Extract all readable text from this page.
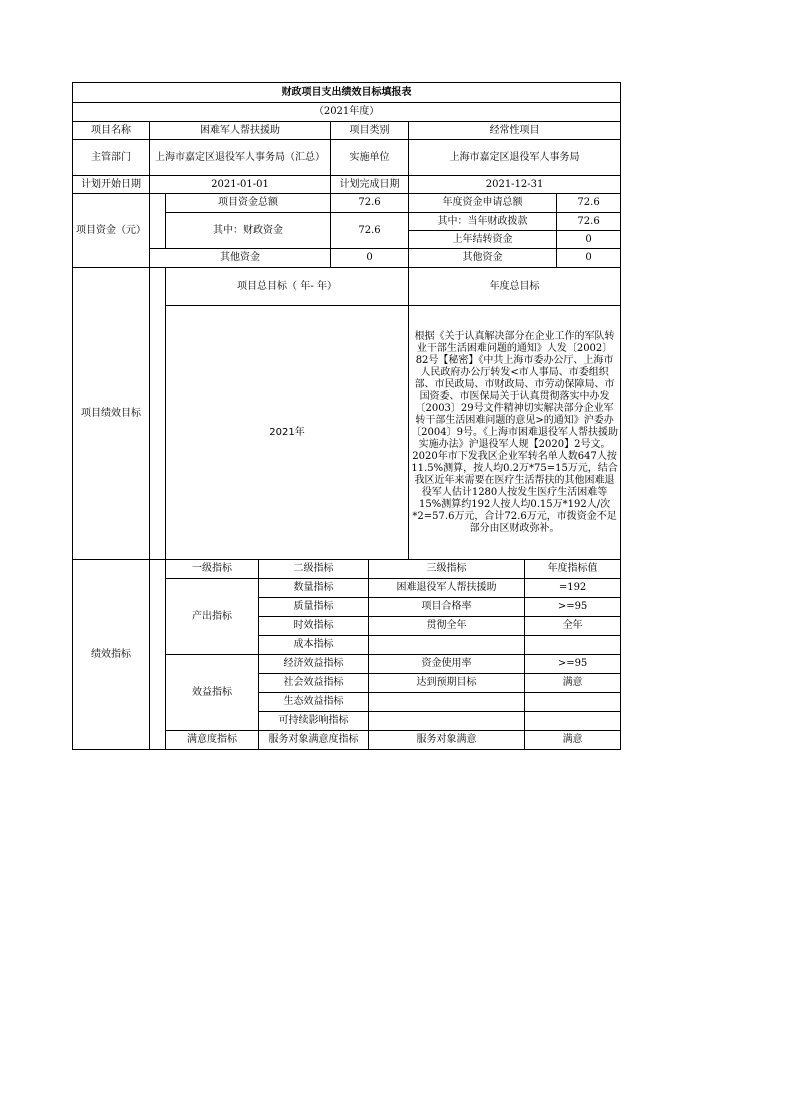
财政项目支出绩效目标填报表								
（2021年度）								
项目名称	困难军人帮扶援助			项目类别		经常性项目		
主管部门	上海市嘉定区退役军人事务局（汇总）			实施单位		上海市嘉定区退役军人事务局		
计划开始日期	2021-01-01			计划完成日期		2021-12-31		
项目资金（元）		项目资金总额		72.6		年度资金申请总额		72.6
		其中：财政资金		72.6		其中：当年财政拨款		72.6
						上年结转资金		0
	其他资金			0		其他资金		0
项目绩效目标		项目总目标（ 年- 年）				年度总目标		
		2021年				根据《关于认真解决部分在企业工作的军队转业干部生活困难问题的通知》人发〔2002〕82号【秘密】《中共上海市委办公厅、上海市人民政府办公厅转发<市人事局、市委组织部、市民政局、市财政局、市劳动保障局、市国资委、市医保局关于认真贯彻落实中办发〔2003〕29号文件精神切实解决部分企业军转干部生活困难问题的意见>的通知》沪委办〔2004〕9号。《上海市困难退役军人帮扶援助实施办法》沪退役军人规【2020】2号文。2020年市下发我区企业军转名单人数647人按11.5%测算，按人均0.2万*75=15万元，结合我区近年来需要在医疗生活帮扶的其他困难退役军人估计1280人按发生医疗生活困难等15%测算约192人按人均0.15万*192人/次*2=57.6万元，合计72.6万元，市拨资金不足部分由区财政弥补。		
绩效指标		一级指标	二级指标		三级指标		年度指标值	
		产出指标	数量指标		困难退役军人帮扶援助		=192	
			质量指标		项目合格率		>=95	
			时效指标		贯彻全年		全年	
			成本指标					
		效益指标	经济效益指标		资金使用率		>=95	
			社会效益指标		达到预期目标		满意	
			生态效益指标					
			可持续影响指标					
		满意度指标	服务对象满意度指标		服务对象满意		满意	
